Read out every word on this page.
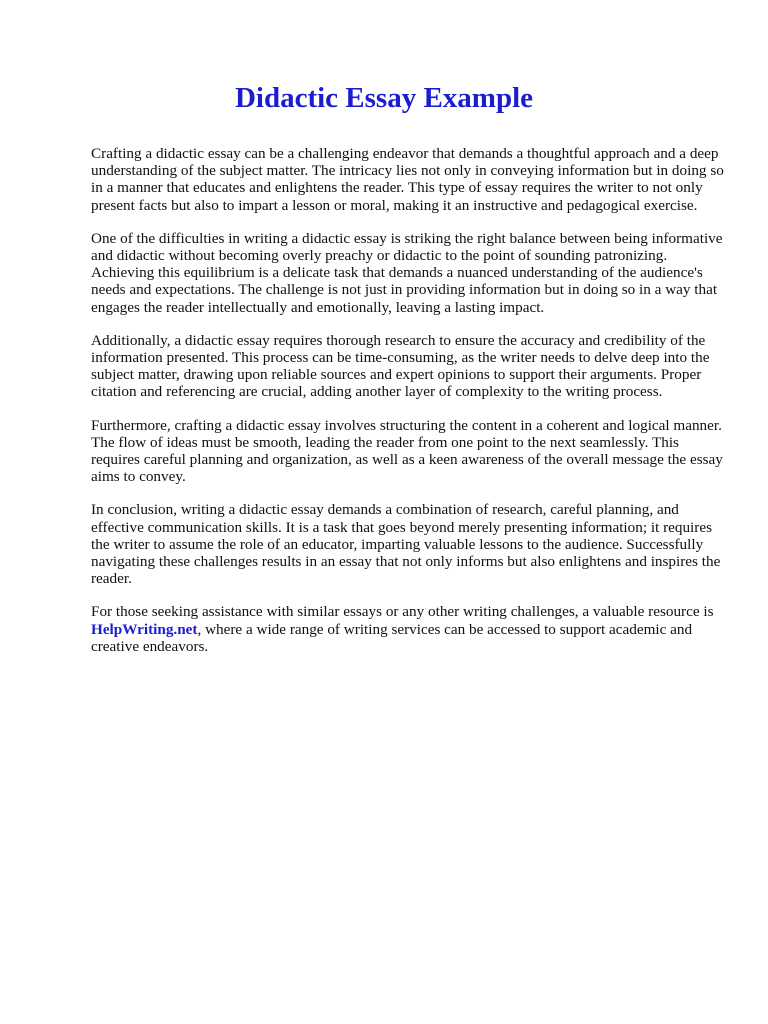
Didactic Essay Example

Crafting a didactic essay can be a challenging endeavor that demands a thoughtful approach and a deep understanding of the subject matter. The intricacy lies not only in conveying information but in doing so in a manner that educates and enlightens the reader. This type of essay requires the writer to not only present facts but also to impart a lesson or moral, making it an instructive and pedagogical exercise.

One of the difficulties in writing a didactic essay is striking the right balance between being informative and didactic without becoming overly preachy or didactic to the point of sounding patronizing. Achieving this equilibrium is a delicate task that demands a nuanced understanding of the audience's needs and expectations. The challenge is not just in providing information but in doing so in a way that engages the reader intellectually and emotionally, leaving a lasting impact.

Additionally, a didactic essay requires thorough research to ensure the accuracy and credibility of the information presented. This process can be time-consuming, as the writer needs to delve deep into the subject matter, drawing upon reliable sources and expert opinions to support their arguments. Proper citation and referencing are crucial, adding another layer of complexity to the writing process.

Furthermore, crafting a didactic essay involves structuring the content in a coherent and logical manner. The flow of ideas must be smooth, leading the reader from one point to the next seamlessly. This requires careful planning and organization, as well as a keen awareness of the overall message the essay aims to convey.

In conclusion, writing a didactic essay demands a combination of research, careful planning, and effective communication skills. It is a task that goes beyond merely presenting information; it requires the writer to assume the role of an educator, imparting valuable lessons to the audience. Successfully navigating these challenges results in an essay that not only informs but also enlightens and inspires the reader.

For those seeking assistance with similar essays or any other writing challenges, a valuable resource is HelpWriting.net, where a wide range of writing services can be accessed to support academic and creative endeavors.
